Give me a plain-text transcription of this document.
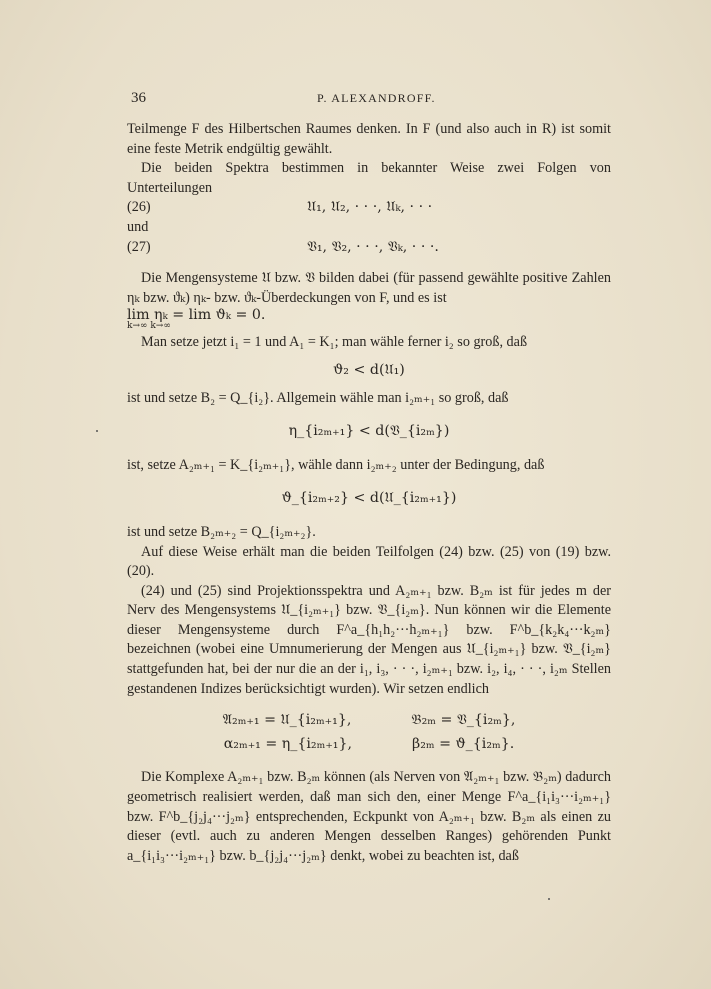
36	P. ALEXANDROFF.

Teilmenge F des Hilbertschen Raumes denken. In F (und also auch in R) ist somit eine feste Metrik endgültig gewählt.

Die beiden Spektra bestimmen in bekannter Weise zwei Folgen von Unterteilungen

(26)	𝔘₁, 𝔘₂, · · ·, 𝔘ₖ, · · ·

und

(27)	𝔙₁, 𝔙₂, · · ·, 𝔙ₖ, · · ·.

Die Mengensysteme 𝔘 bzw. 𝔙 bilden dabei (für passend gewählte positive Zahlen ηₖ bzw. ϑₖ) ηₖ- bzw. ϑₖ-Überdeckungen von F, und es ist

lim ηₖ = lim ϑₖ = 0.
k→∞ k→∞

Man setze jetzt i₁ = 1 und A₁ = K₁; man wähle ferner i₂ so groß, daß

ϑ₂ < d(𝔘₁)

ist und setze B₂ = Q_{i₂}. Allgemein wähle man i₂ₘ₊₁ so groß, daß

η_{i₂ₘ₊₁} < d(𝔙_{i₂ₘ})

ist, setze A₂ₘ₊₁ = K_{i₂ₘ₊₁}, wähle dann i₂ₘ₊₂ unter der Bedingung, daß

ϑ_{i₂ₘ₊₂} < d(𝔘_{i₂ₘ₊₁})

ist und setze B₂ₘ₊₂ = Q_{i₂ₘ₊₂}.

Auf diese Weise erhält man die beiden Teilfolgen (24) bzw. (25) von (19) bzw. (20).

(24) und (25) sind Projektionsspektra und A₂ₘ₊₁ bzw. B₂ₘ ist für jedes m der Nerv des Mengensystems 𝔘_{i₂ₘ₊₁} bzw. 𝔙_{i₂ₘ}. Nun können wir die Elemente dieser Mengensysteme durch F^a_{h₁h₂···h₂ₘ₊₁} bzw. F^b_{k₂k₄···k₂ₘ} bezeichnen (wobei eine Umnumerierung der Mengen aus 𝔘_{i₂ₘ₊₁} bzw. 𝔙_{i₂ₘ} stattgefunden hat, bei der nur die an der i₁, i₃, · · ·, i₂ₘ₊₁ bzw. i₂, i₄, · · ·, i₂ₘ Stellen gestandenen Indizes berücksichtigt wurden). Wir setzen endlich

𝔄₂ₘ₊₁ = 𝔘_{i₂ₘ₊₁},	𝔅₂ₘ = 𝔙_{i₂ₘ},
α₂ₘ₊₁ = η_{i₂ₘ₊₁},	β₂ₘ = ϑ_{i₂ₘ}.

Die Komplexe A₂ₘ₊₁ bzw. B₂ₘ können (als Nerven von 𝔄₂ₘ₊₁ bzw. 𝔅₂ₘ) dadurch geometrisch realisiert werden, daß man sich den, einer Menge F^a_{i₁i₃···i₂ₘ₊₁} bzw. F^b_{j₂j₄···j₂ₘ} entsprechenden, Eckpunkt von A₂ₘ₊₁ bzw. B₂ₘ als einen zu dieser (evtl. auch zu anderen Mengen desselben Ranges) gehörenden Punkt a_{i₁i₃···i₂ₘ₊₁} bzw. b_{j₂j₄···j₂ₘ} denkt, wobei zu beachten ist, daß
